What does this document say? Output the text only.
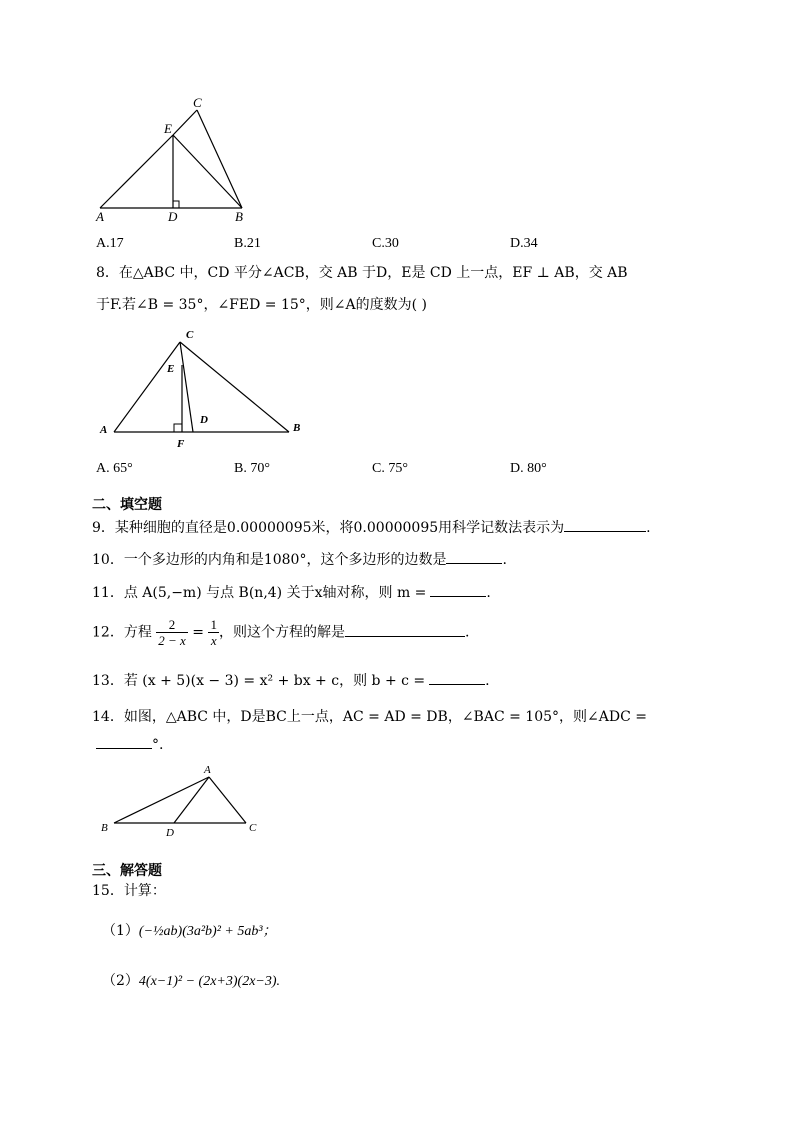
A	D	B
E
C
A.17	B.21	C.30	D.34
8．在△ABC 中，CD 平分∠ACB，交 AB 于D，E是 CD 上一点，EF ⊥ AB，交 AB
于F.若∠B = 35°，∠FED = 15°，则∠A的度数为( )
C
E
D
A	B
F
A. 65°	B. 70°	C. 75°	D. 80°
二、填空题
9．某种细胞的直径是0.00000095米，将0.00000095用科学记数法表示为	.
10．一个多边形的内角和是1080°，这个多边形的边数是	.
11．点 A(5,−m) 与点 B(n,4) 关于x轴对称，则 m =	.
12．方程 $\frac{2}{2 - x} = \frac{1}{x}$ ，则这个方程的解是	.
13．若 (x + 5)(x − 3) = x² + bx + c，则 b + c =	.
14．如图，△ABC 中，D是BC上一点，AC = AD = DB，∠BAC = 105°，则∠ADC =
°.
A
B	D	C
三、解答题
15．计算：
（1）(−½ab)(3a²b)² + 5ab³；
（2）4(x−1)² − (2x+3)(2x−3).
